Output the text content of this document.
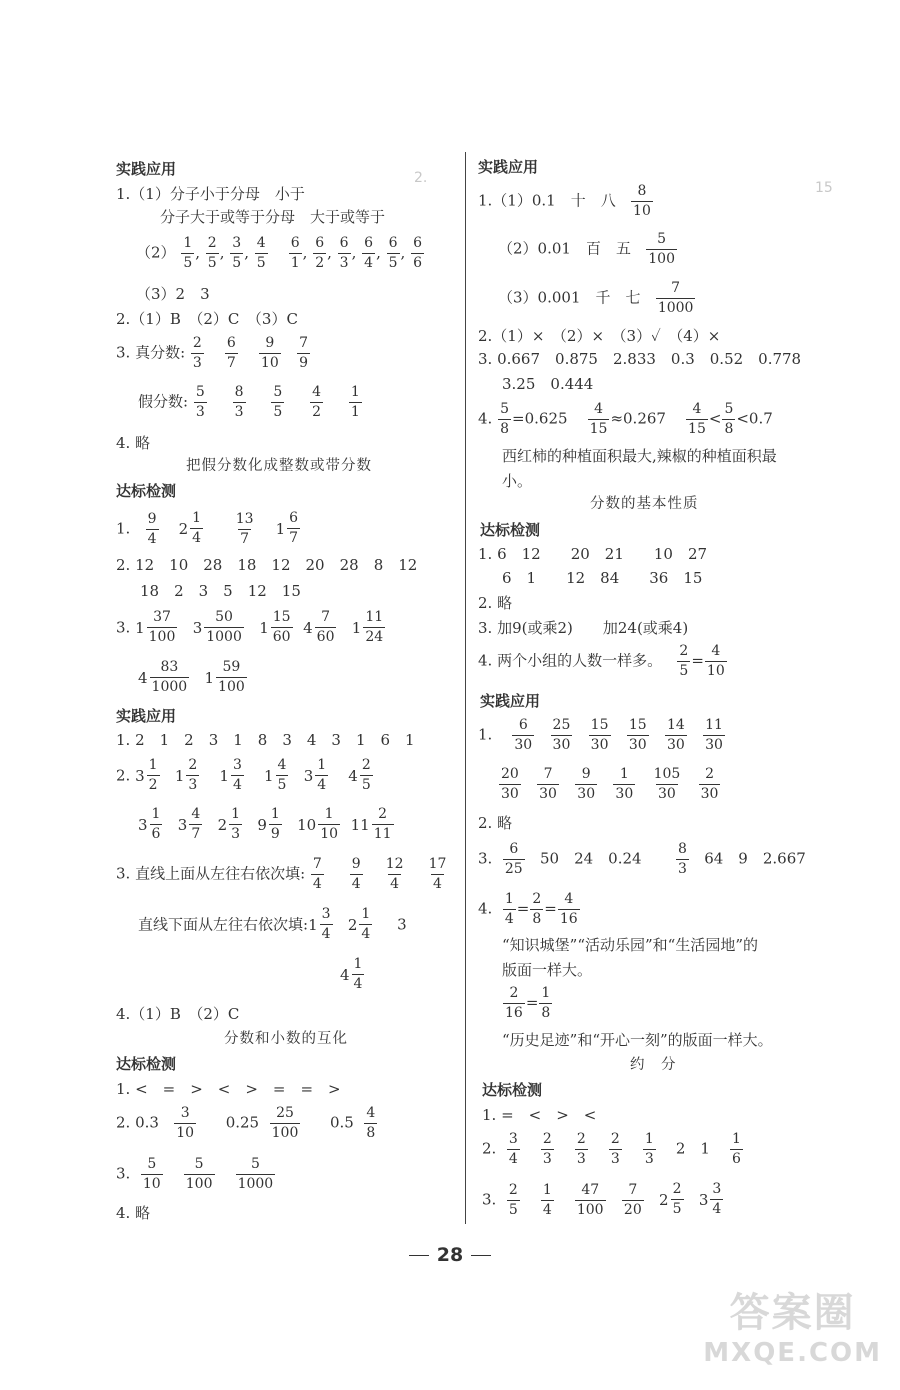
实践应用
1.（1）分子小于分母　小于
分子大于或等于分母　大于或等于
$(2) \frac{1}{5}$ , $\frac{2}{5}$ , $\frac{3}{5}$ , $\frac{4}{5}$
$\frac{6}{1}$ , $\frac{6}{2}$ , $\frac{6}{3}$ , $\frac{6}{4}$ , $\frac{6}{5}$ , $\frac{6}{6}$
（3）2　3
2.（1）B　（2）C　（3）C
3. 真分数: $\frac{2}{3}$
$\frac{6}{7}$
$\frac{9}{10}$
$\frac{7}{9}$
假分数: $\frac{5}{3}$
$\frac{8}{3}$
$\frac{5}{5}$
$\frac{4}{2}$
$\frac{1}{1}$
4. 略
把假分数化成整数或带分数
达标检测
1. $\frac{9}{4}$
$2 \frac{1}{4}$
$\frac{13}{7}$
$1 \frac{6}{7}$
2. 12　10　28　18　12　20　28　8　12
18　2　3　5　12　15
3. $1 \frac{37}{100}$
$3 \frac{50}{1000}$
$1 \frac{15}{60}$
$4 \frac{7}{60}$
$1 \frac{11}{24}$
$4 \frac{83}{1000}$
$1 \frac{59}{100}$
实践应用
1. 2　1　2　3　1　8　3　4　3　1　6　1
2. $3 \frac{1}{2}$
$1 \frac{2}{3}$
$1 \frac{3}{4}$
$1 \frac{4}{5}$
$3 \frac{1}{4}$
$4 \frac{2}{5}$
$3 \frac{1}{6}$
$3 \frac{4}{7}$
$2 \frac{1}{3}$
$9 \frac{1}{9}$
$10 \frac{1}{10}$
$11 \frac{2}{11}$
3. 直线上面从左往右依次填: $\frac{7}{4}$
$\frac{9}{4}$
$\frac{12}{4}$
$\frac{17}{4}$
直线下面从左往右依次填: $1 \frac{3}{4}$
$2 \frac{1}{4} 3$
$4 \frac{1}{4}$
4.（1）B　（2）C
分数和小数的互化
达标检测
1. <　=　>　<　>　=　=　>
2. $0.3 \frac{3}{10} 0.25 \frac{25}{100} 0.5 \frac{4}{8}$
3. $\frac{5}{10}$
$\frac{5}{100}$
$\frac{5}{1000}$
4. 略
实践应用
1.（1）0.1　十　八 $\frac{8}{10}$
（2）0.01　百　五 $\frac{5}{100}$
（3）0.001　千　七 $\frac{7}{1000}$
2.（1）×　（2）×　（3）✓　（4）×
3. 0.667　0.875　2.833　0.3　0.52　0.778
3.25　0.444
4. $\frac{5}{8} =0.625 \frac{4}{15} \approx 0.267 \frac{4}{15} < \frac{5}{8} <0.7$
西红柿的种植面积最大,辣椒的种植面积最
小。
分数的基本性质
达标检测
1. 6　12　　20　21　　10　27
6　1　　12　84　　36　15
2. 略
3. 加9(或乘2)　　加24(或乘4)
4. 两个小组的人数一样多。 $\frac{2}{5} = \frac{4}{10}$
实践应用
1. $\frac{6}{30}$
$\frac{25}{30}$
$\frac{15}{30}$
$\frac{15}{30}$
$\frac{14}{30}$
$\frac{11}{30}$
$\frac{20}{30}$
$\frac{7}{30}$
$\frac{9}{30}$
$\frac{1}{30}$
$\frac{105}{30}$
$\frac{2}{30}$
2. 略
3. $\frac{6}{25} 50$　24　$0.24 \frac{8}{3} 64$　9　2.667
4. $\frac{1}{4} = \frac{2}{8} = \frac{4}{16}$
“知识城堡”“活动乐园”和“生活园地”的
版面一样大。
$\frac{2}{16} = \frac{1}{8}$
“历史足迹”和“开心一刻”的版面一样大。
约　分
达标检测
1. =　<　>　<
2. $\frac{3}{4}$
$\frac{2}{3}$
$\frac{2}{3}$
$\frac{2}{3}$
$\frac{1}{3} 2$　$1 \frac{1}{6}$
3. $\frac{2}{5}$
$\frac{1}{4}$
$\frac{47}{100}$
$\frac{7}{20}$
$2 \frac{2}{5}$
$3 \frac{3}{4}$
2.
15
28
答案圈
MXQE.COM
